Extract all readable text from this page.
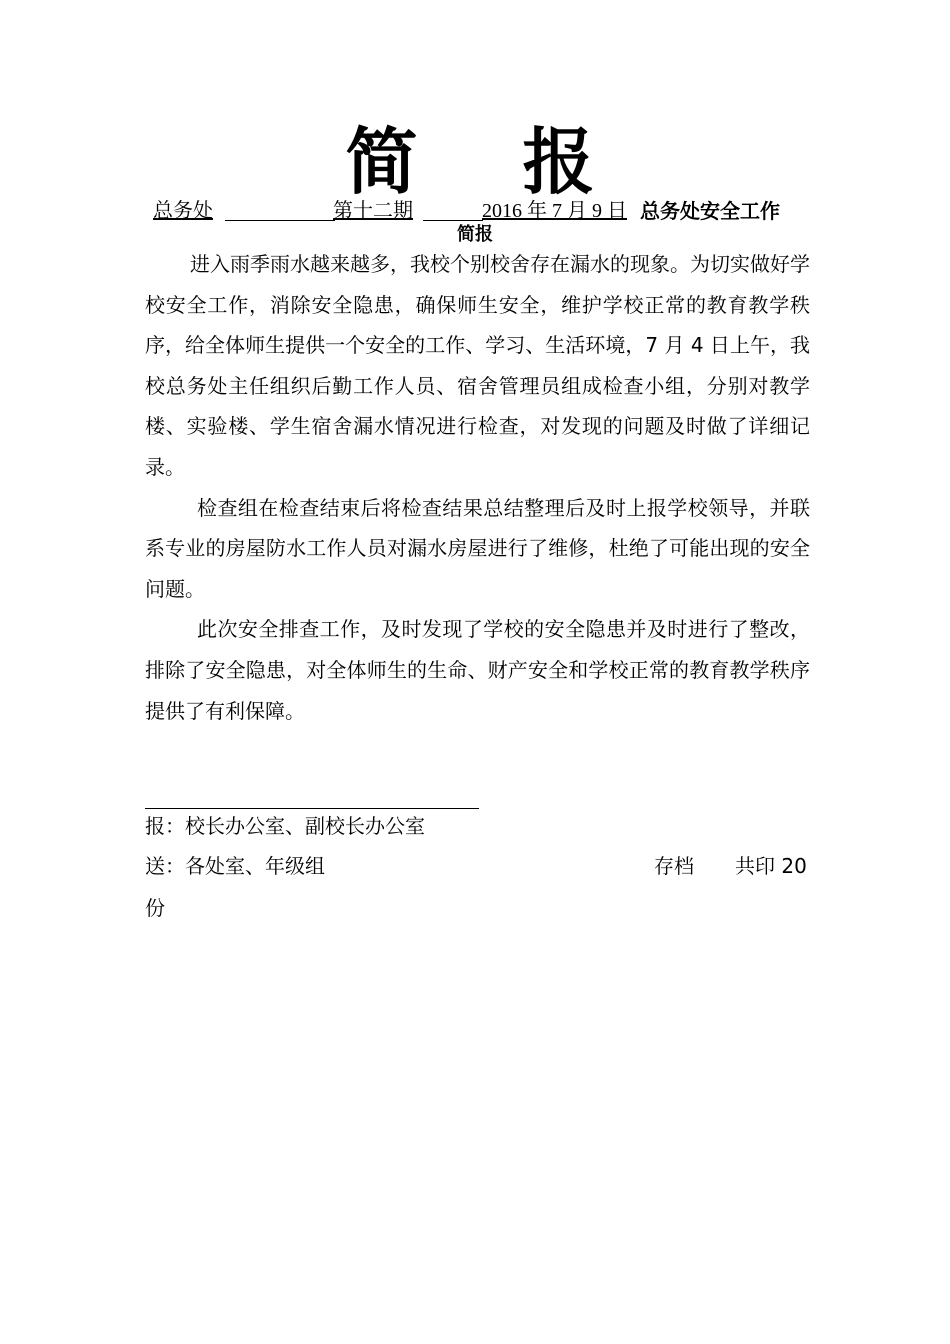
简 报
总务处	第十二期	2016 年 7 月 9 日 总务处安全工作
简报

进入雨季雨水越来越多，我校个别校舍存在漏水的现象。为切实做好学校安全工作，消除安全隐患，确保师生安全，维护学校正常的教育教学秩序，给全体师生提供一个安全的工作、学习、生活环境，7 月 4 日上午，我校总务处主任组织后勤工作人员、宿舍管理员组成检查小组，分别对教学楼、实验楼、学生宿舍漏水情况进行检查，对发现的问题及时做了详细记录。

检查组在检查结束后将检查结果总结整理后及时上报学校领导，并联系专业的房屋防水工作人员对漏水房屋进行了维修，杜绝了可能出现的安全问题。

此次安全排查工作，及时发现了学校的安全隐患并及时进行了整改，排除了安全隐患，对全体师生的生命、财产安全和学校正常的教育教学秩序提供了有利保障。

报：校长办公室、副校长办公室
送：各处室、年级组	存档 共印 20
份
